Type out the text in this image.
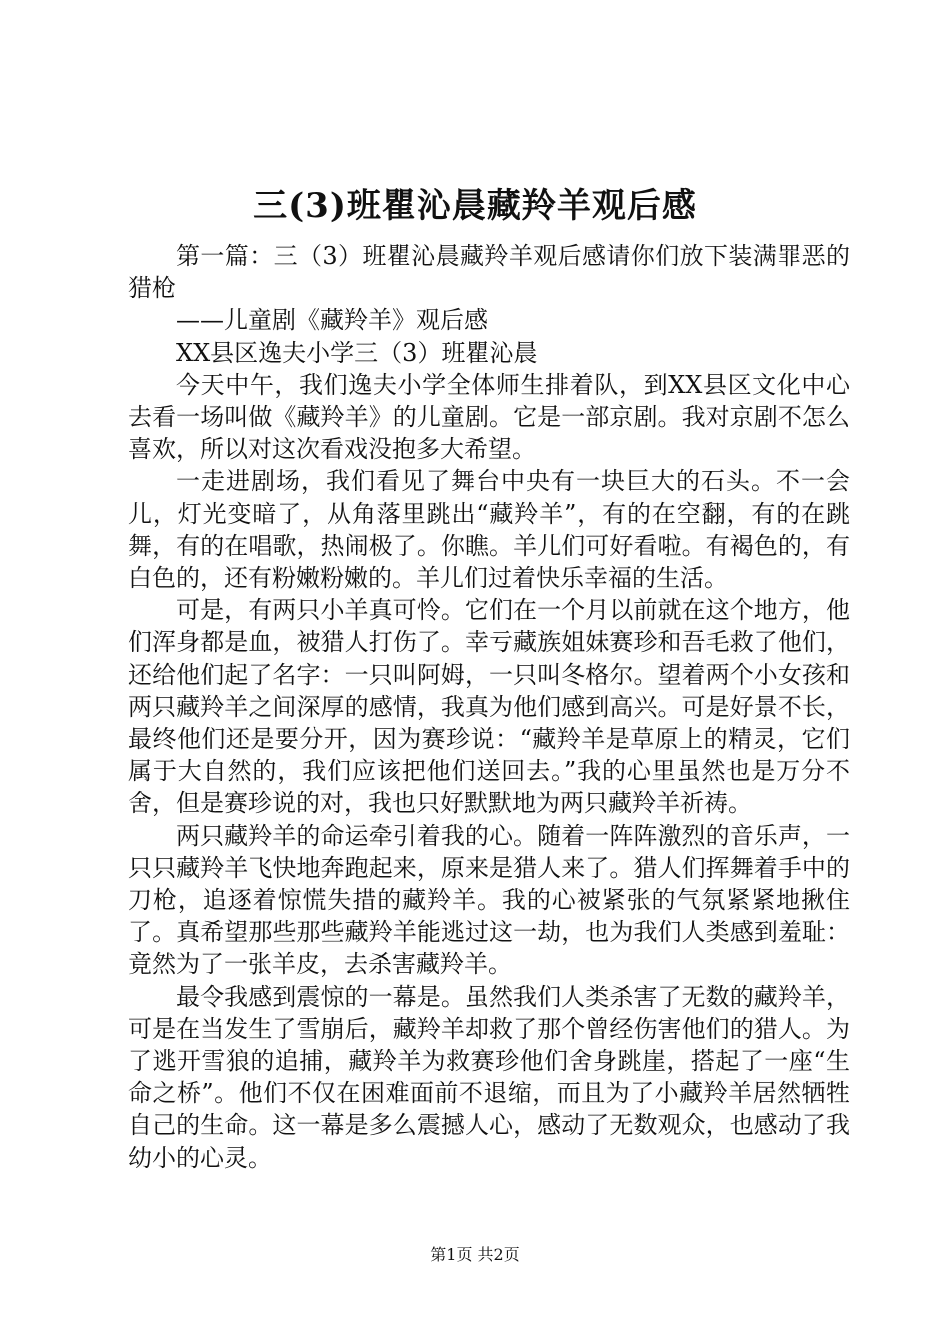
三(3)班瞿沁晨藏羚羊观后感

第一篇：三（3）班瞿沁晨藏羚羊观后感请你们放下装满罪恶的猎枪

——儿童剧《藏羚羊》观后感

XX县区逸夫小学三（3）班瞿沁晨

今天中午，我们逸夫小学全体师生排着队，到XX县区文化中心去看一场叫做《藏羚羊》的儿童剧。它是一部京剧。我对京剧不怎么喜欢，所以对这次看戏没抱多大希望。

一走进剧场，我们看见了舞台中央有一块巨大的石头。不一会儿，灯光变暗了，从角落里跳出“藏羚羊”，有的在空翻，有的在跳舞，有的在唱歌，热闹极了。你瞧。羊儿们可好看啦。有褐色的，有白色的，还有粉嫩粉嫩的。羊儿们过着快乐幸福的生活。

可是，有两只小羊真可怜。它们在一个月以前就在这个地方，他们浑身都是血，被猎人打伤了。幸亏藏族姐妹赛珍和吾毛救了他们，还给他们起了名字：一只叫阿姆，一只叫冬格尔。望着两个小女孩和两只藏羚羊之间深厚的感情，我真为他们感到高兴。可是好景不长，最终他们还是要分开，因为赛珍说：“藏羚羊是草原上的精灵，它们属于大自然的，我们应该把他们送回去。”我的心里虽然也是万分不舍，但是赛珍说的对，我也只好默默地为两只藏羚羊祈祷。

两只藏羚羊的命运牵引着我的心。随着一阵阵激烈的音乐声，一只只藏羚羊飞快地奔跑起来，原来是猎人来了。猎人们挥舞着手中的刀枪，追逐着惊慌失措的藏羚羊。我的心被紧张的气氛紧紧地揪住了。真希望那些那些藏羚羊能逃过这一劫，也为我们人类感到羞耻：竟然为了一张羊皮，去杀害藏羚羊。

最令我感到震惊的一幕是。虽然我们人类杀害了无数的藏羚羊，可是在当发生了雪崩后，藏羚羊却救了那个曾经伤害他们的猎人。为了逃开雪狼的追捕，藏羚羊为救赛珍他们舍身跳崖，搭起了一座“生命之桥”。他们不仅在困难面前不退缩，而且为了小藏羚羊居然牺牲自己的生命。这一幕是多么震撼人心，感动了无数观众，也感动了我幼小的心灵。

第1页 共2页
